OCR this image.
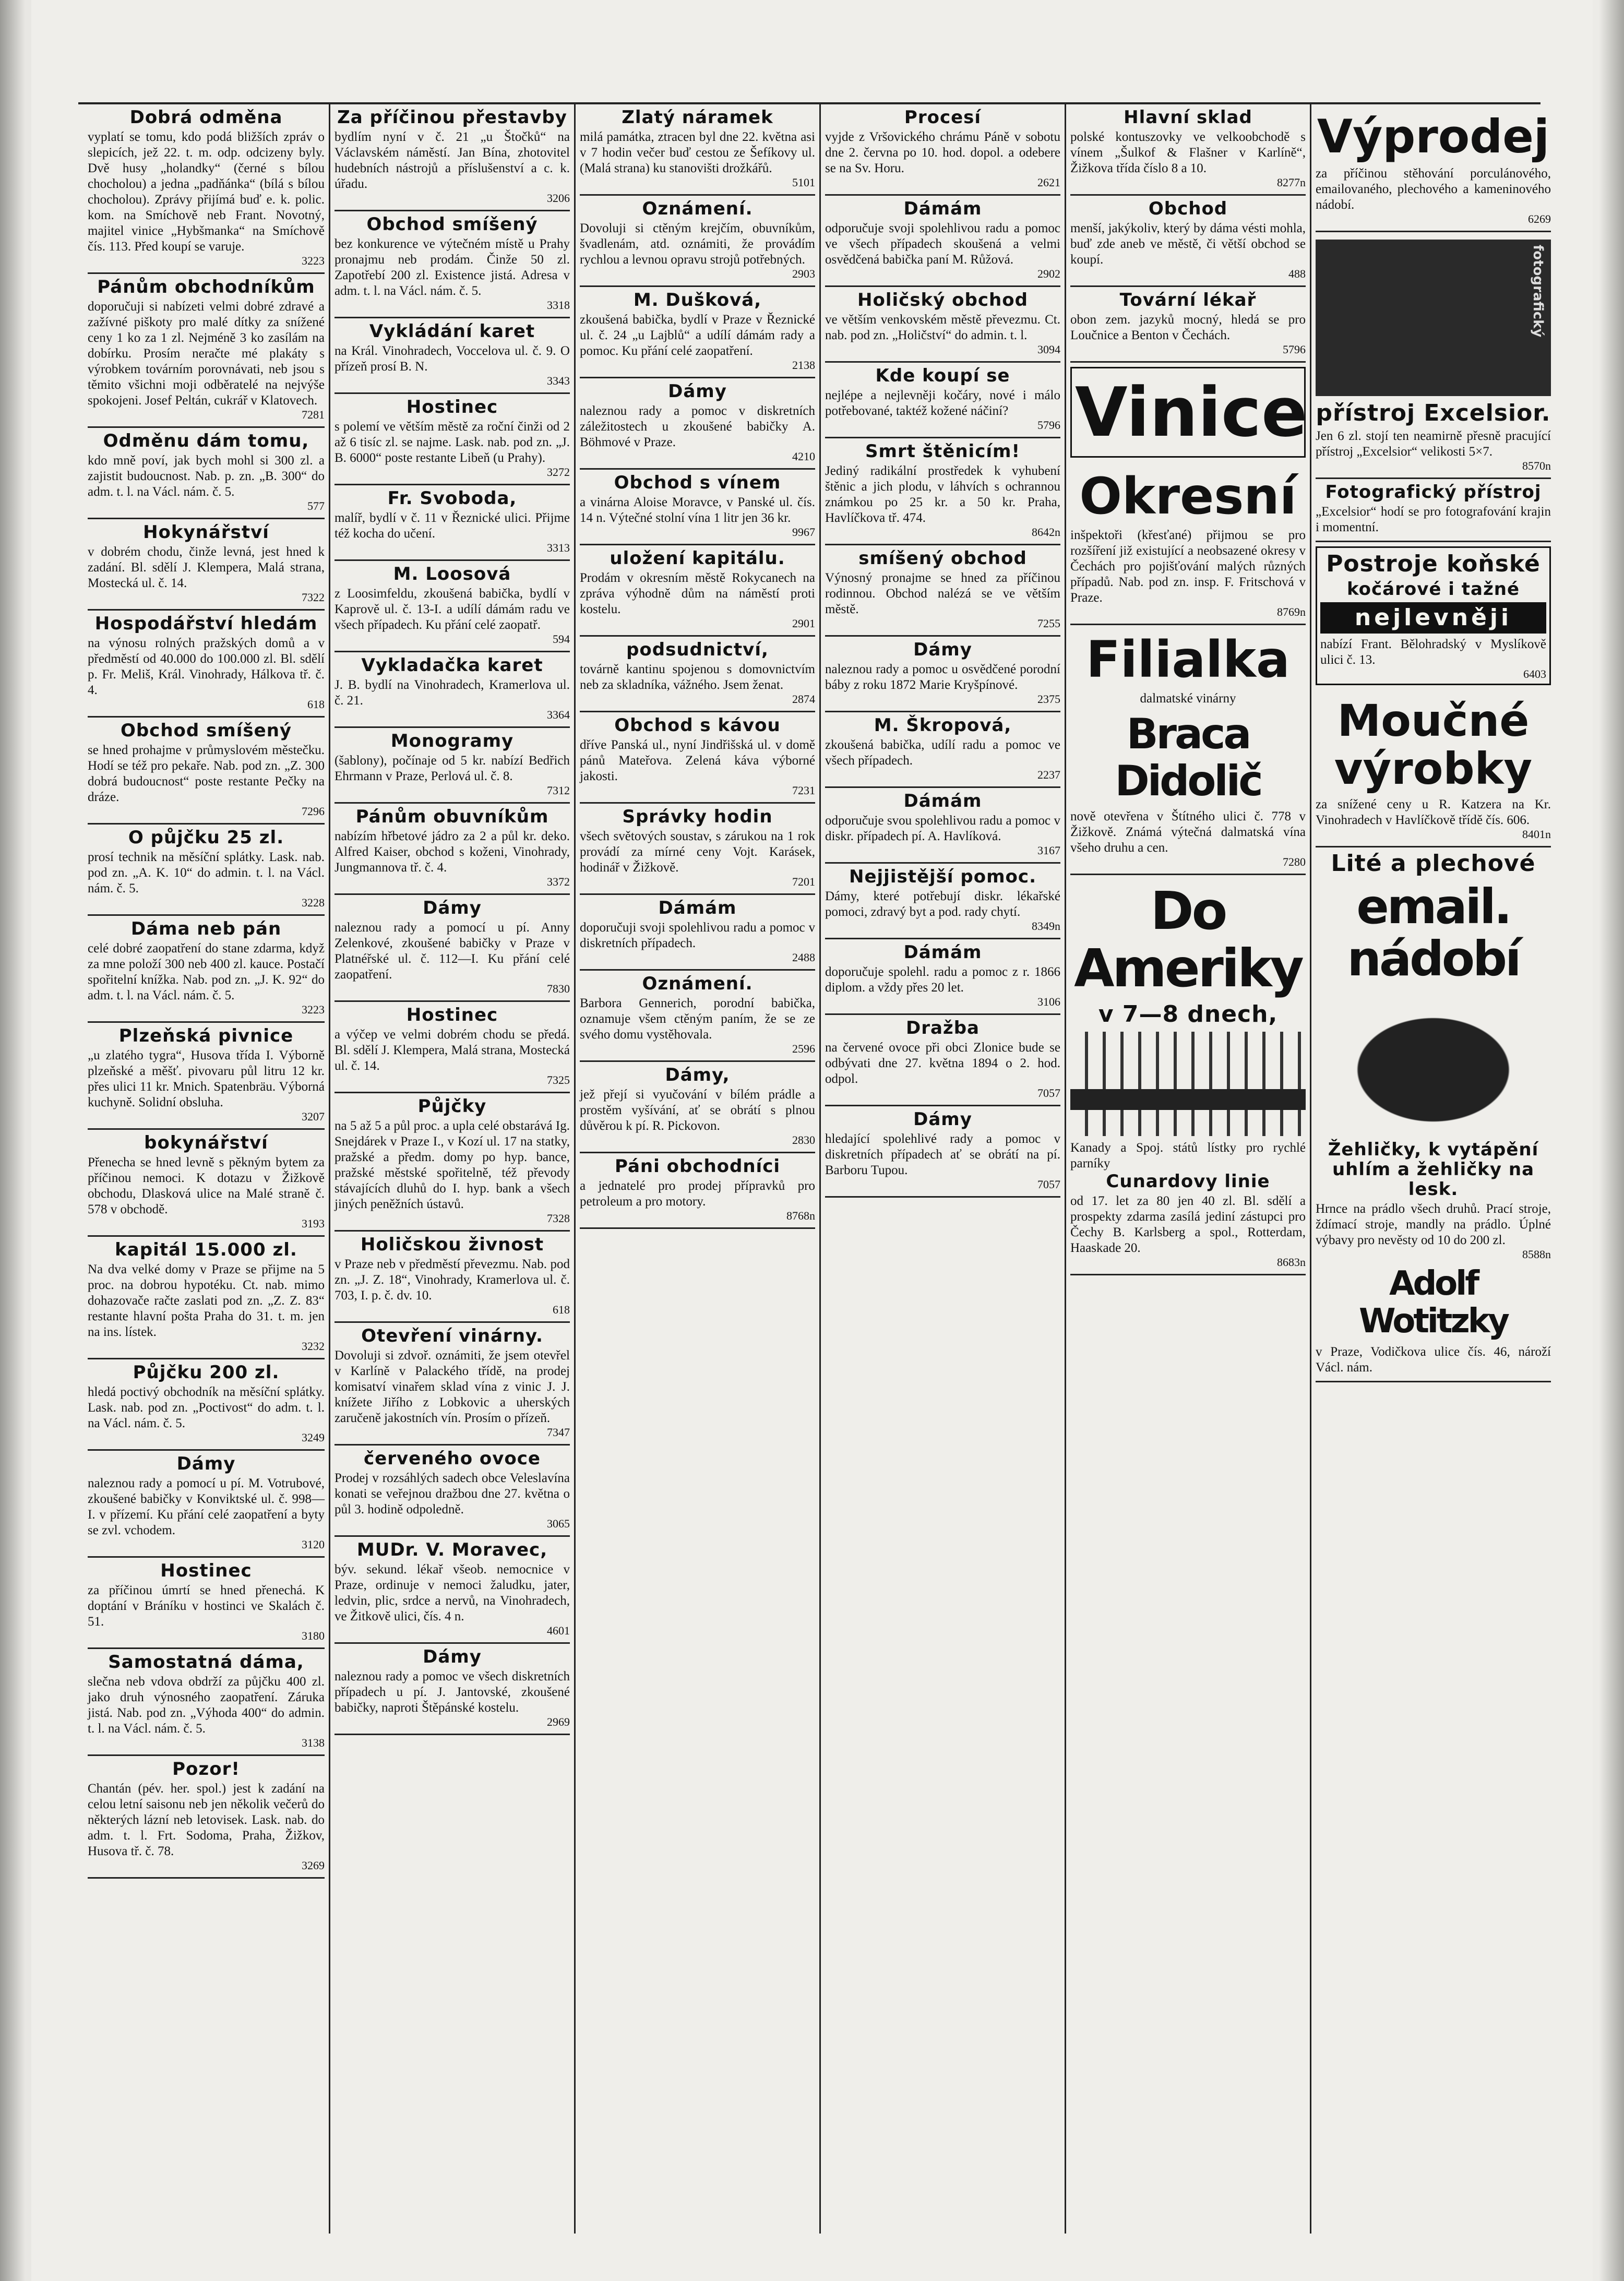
Dobrá odměna

vyplatí se tomu, kdo podá bližších zpráv o slepicích, jež 22. t. m. odp. odcizeny byly. Dvě husy „holandky“ (černé s bílou chocholou) a jedna „padňánka“ (bílá s bílou chocholou). Zprávy přijímá buď e. k. polic. kom. na Smíchově neb Frant. Novotný, majitel vinice „Hybšmanka“ na Smíchově čís. 113. Před koupí se varuje.

3223
Pánům obchodníkům

doporučuji si nabízeti velmi dobré zdravé a zažívné piškoty pro malé dítky za snížené ceny 1 ko za 1 zl. Nejméně 3 ko zasílám na dobírku. Prosím neračte mé plakáty s výrobkem továrním porovnávati, neb jsou s těmito všichni moji odběratelé na nejvýše spokojeni. Josef Peltán, cukrář v Klatovech.

7281
Odměnu dám tomu,

kdo mně poví, jak bych mohl si 300 zl. a zajistit budoucnost. Nab. p. zn. „B. 300“ do adm. t. l. na Václ. nám. č. 5.

577
Hokynářství

v dobrém chodu, činže levná, jest hned k zadání. Bl. sdělí J. Klempera, Malá strana, Mostecká ul. č. 14.

7322
Hospodářství hledám

na výnosu rolných pražských domů a v předměstí od 40.000 do 100.000 zl. Bl. sdělí p. Fr. Meliš, Král. Vinohrady, Hálkova tř. č. 4.

618
Obchod smíšený

se hned prohajme v průmyslovém městečku. Hodí se též pro pekaře. Nab. pod zn. „Z. 300 dobrá budoucnost“ poste restante Pečky na dráze.

7296
O půjčku 25 zl.

prosí technik na měsíční splátky. Lask. nab. pod zn. „A. K. 10“ do admin. t. l. na Václ. nám. č. 5.

3228
Dáma neb pán

celé dobré zaopatření do stane zdarma, když za mne položí 300 neb 400 zl. kauce. Postačí spořitelní knížka. Nab. pod zn. „J. K. 92“ do adm. t. l. na Václ. nám. č. 5.

3223
Plzeňská pivnice

„u zlatého tygra“, Husova třída I. Výborně plzeňské a měšť. pivovaru půl litru 12 kr. přes ulici 11 kr. Mnich. Spatenbräu. Výborná kuchyně. Solidní obsluha.

3207
bokynářství

Přenecha se hned levně s pěkným bytem za příčinou nemoci. K dotazu v Žižkově obchodu, Dlasková ulice na Malé straně č. 578 v obchodě.

3193
kapitál 15.000 zl.

Na dva velké domy v Praze se přijme na 5 proc. na dobrou hypotéku. Ct. nab. mimo dohazovače račte zaslati pod zn. „Z. Z. 83“ restante hlavní pošta Praha do 31. t. m. jen na ins. lístek.

3232
Půjčku 200 zl.

hledá poctivý obchodník na měsíční splátky. Lask. nab. pod zn. „Poctivost“ do adm. t. l. na Václ. nám. č. 5.

3249
Dámy

naleznou rady a pomocí u pí. M. Votrubové, zkoušené babičky v Konviktské ul. č. 998—I. v přízemí. Ku přání celé zaopatření a byty se zvl. vchodem.

3120
Hostinec

za příčinou úmrtí se hned přenechá. K doptání v Bráníku v hostinci ve Skalách č. 51.

3180
Samostatná dáma,

slečna neb vdova obdrží za půjčku 400 zl. jako druh výnosného zaopatření. Záruka jistá. Nab. pod zn. „Výhoda 400“ do admin. t. l. na Václ. nám. č. 5.

3138
Pozor!

Chantán (pév. her. spol.) jest k zadání na celou letní saisonu neb jen několik večerů do některých lázní neb letovisek. Lask. nab. do adm. t. l. Frt. Sodoma, Praha, Žižkov, Husova tř. č. 78.

3269
Za příčinou přestavby

bydlím nyní v č. 21 „u Štočků“ na Václavském náměstí. Jan Bína, zhotovitel hudebních nástrojů a příslušenství a c. k. úřadu.

3206
Obchod smíšený

bez konkurence ve výtečném místě u Prahy pronajmu neb prodám. Činže 50 zl. Zapotřebí 200 zl. Existence jistá. Adresa v adm. t. l. na Václ. nám. č. 5.

3318
Vykládání karet

na Král. Vinohradech, Voccelova ul. č. 9. O přízeň prosí B. N.

3343
Hostinec

s polemí ve větším městě za roční činži od 2 až 6 tisíc zl. se najme. Lask. nab. pod zn. „J. B. 6000“ poste restante Libeň (u Prahy).

3272
Fr. Svoboda,

malíř, bydlí v č. 11 v Řeznické ulici. Přijme též kocha do učení.

3313
M. Loosová

z Loosimfeldu, zkoušená babička, bydlí v Kaprově ul. č. 13-I. a udílí dámám radu ve všech případech. Ku přání celé zaopatř.

594
Vykladačka karet

J. B. bydlí na Vinohradech, Kramerlova ul. č. 21.

3364
Monogramy

(šablony), počínaje od 5 kr. nabízí Bedřich Ehrmann v Praze, Perlová ul. č. 8.

7312
Pánům obuvníkům

nabízím hřbetové jádro za 2 a půl kr. deko. Alfred Kaiser, obchod s koženi, Vinohrady, Jungmannova tř. č. 4.

3372
Dámy

naleznou rady a pomocí u pí. Anny Zelenkové, zkoušené babičky v Praze v Platnéřské ul. č. 112—I. Ku přání celé zaopatření.

7830
Hostinec

a výčep ve velmi dobrém chodu se předá. Bl. sdělí J. Klempera, Malá strana, Mostecká ul. č. 14.

7325
Půjčky

na 5 až 5 a půl proc. a upla celé obstarává Ig. Snejdárek v Praze I., v Kozí ul. 17 na statky, pražské a předm. domy po hyp. bance, pražské městské spořitelně, též převody stávajících dluhů do I. hyp. bank a všech jiných peněžních ústavů.

7328
Holičskou živnost

v Praze neb v předměstí převezmu. Nab. pod zn. „J. Z. 18“, Vinohrady, Kramerlova ul. č. 703, I. p. č. dv. 10.

618
Otevření vinárny.

Dovoluji si zdvoř. oznámiti, že jsem otevřel v Karlíně v Palackého třídě, na prodej komisatví vinařem sklad vína z vinic J. J. knížete Jiřího z Lobkovic a uherských zaručeně jakostních vín. Prosím o přízeň.

7347
červeného ovoce

Prodej v rozsáhlých sadech obce Veleslavína konati se veřejnou dražbou dne 27. května o půl 3. hodině odpoledně.

3065
MUDr. V. Moravec,

býv. sekund. lékař všeob. nemocnice v Praze, ordinuje v nemoci žaludku, jater, ledvin, plic, srdce a nervů, na Vinohradech, ve Žitkově ulici, čís. 4 n.

4601
Dámy

naleznou rady a pomoc ve všech diskretních případech u pí. J. Jantovské, zkoušené babičky, naproti Štěpánské kostelu.

2969
Zlatý náramek

milá památka, ztracen byl dne 22. května asi v 7 hodin večer buď cestou ze Šefíkovy ul. (Malá strana) ku stanovišti drožkářů.

5101
Oznámení.

Dovoluji si ctěným krejčím, obuvníkům, švadlenám, atd. oznámiti, že provádím rychlou a levnou opravu strojů potřebných.

2903
M. Dušková,

zkoušená babička, bydlí v Praze v Řeznické ul. č. 24 „u Lajblů“ a udílí dámám rady a pomoc. Ku přání celé zaopatření.

2138
Dámy

naleznou rady a pomoc v diskretních záležitostech u zkoušené babičky A. Böhmové v Praze.

4210
Obchod s vínem

a vinárna Aloise Moravce, v Panské ul. čís. 14 n. Výtečné stolní vína 1 litr jen 36 kr.

9967
uložení kapitálu.

Prodám v okresním městě Rokycanech na zpráva výhodně dům na náměstí proti kostelu.

2901
podsudnictví,

továrně kantinu spojenou s domovnictvím neb za skladníka, vážného. Jsem ženat.

2874
Obchod s kávou

dříve Panská ul., nyní Jindřišská ul. v domě pánů Mateřova. Zelená káva výborné jakosti.

7231
Správky hodin

všech světových soustav, s zárukou na 1 rok provádí za mírné ceny Vojt. Karásek, hodinář v Žižkově.

7201
Dámám

doporučuji svoji spolehlivou radu a pomoc v diskretních případech.

2488
Oznámení.

Barbora Gennerich, porodní babička, oznamuje všem ctěným paním, že se ze svého domu vystěhovala.

2596
Dámy,

jež přejí si vyučování v bílém prádle a prostěm vyšívání, ať se obrátí s plnou důvěrou k pí. R. Pickovon.

2830
Páni obchodníci

a jednatelé pro prodej přípravků pro petroleum a pro motory.

8768n
Procesí

vyjde z Vršovického chrámu Páně v sobotu dne 2. června po 10. hod. dopol. a odebere se na Sv. Horu.

2621
Dámám

odporučuje svoji spolehlivou radu a pomoc ve všech případech skoušená a velmi osvědčená babička paní M. Růžová.

2902
Holičský obchod

ve větším venkovském městě převezmu. Ct. nab. pod zn. „Holičství“ do admin. t. l.

3094
Kde koupí se

nejlépe a nejlevněji kočáry, nové i málo potřebované, taktéž kožené náčiní?

5796
Smrt štěnicím!

Jediný radikální prostředek k vyhubení štěnic a jich plodu, v láhvích s ochrannou známkou po 25 kr. a 50 kr. Praha, Havlíčkova tř. 474.

8642n
smíšený obchod

Výnosný pronajme se hned za příčinou rodinnou. Obchod nalézá se ve větším městě.

7255
Dámy

naleznou rady a pomoc u osvědčené porodní báby z roku 1872 Marie Kryšpínové.

2375
M. Škropová,

zkoušená babička, udílí radu a pomoc ve všech případech.

2237
Dámám

odporučuje svou spolehlivou radu a pomoc v diskr. případech pí. A. Havlíková.

3167
Nejjistější pomoc.

Dámy, které potřebují diskr. lékařské pomoci, zdravý byt a pod. rady chytí.

8349n
Dámám

doporučuje spolehl. radu a pomoc z r. 1866 diplom. a vždy přes 20 let.

3106
Dražba

na červené ovoce při obci Zlonice bude se odbývati dne 27. května 1894 o 2. hod. odpol.

7057
Dámy

hledající spolehlivé rady a pomoc v diskretních případech ať se obrátí na pí. Barboru Tupou.

7057
Hlavní sklad

polské kontuszovky ve velkoobchodě s vínem „Šulkof & Flašner v Karlíně“, Žižkova třída číslo 8 a 10.

8277n
Obchod

menší, jakýkoliv, který by dáma vésti mohla, buď zde aneb ve městě, či větší obchod se koupí.

488
Tovární lékař

obon zem. jazyků mocný, hledá se pro Loučnice a Benton v Čechách.

5796
Vinice
Okresní

inšpektoři (křesťané) přijmou se pro rozšíření již existující a neobsazené okresy v Čechách pro pojišťování malých různých případů. Nab. pod zn. insp. F. Fritschová v Praze.

8769n
Filialka

dalmatské vinárny

Braca Didolič

nově otevřena v Štítného ulici č. 778 v Žižkově. Známá výtečná dalmatská vína všeho druhu a cen.

7280
Do Ameriky
v 7—8 dnech,

Kanady a Spoj. států lístky pro rychlé parníky

Cunardovy linie

od 17. let za 80 jen 40 zl. Bl. sdělí a prospekty zdarma zasílá jediní zástupci pro Čechy B. Karlsberg a spol., Rotterdam, Haaskade 20.

8683n
Výprodej

za příčinou stěhování porculánového, emailovaného, plechového a kameninového nádobí.

6269
fotografický
přístroj Excelsior.

Jen 6 zl. stojí ten neamirně přesně pracující přístroj „Excelsior“ velikosti 5×7.

8570n
Fotografický přístroj

„Excelsior“ hodí se pro fotografování krajin i momentní.

Postroje koňské
kočárové i tažné
nejlevněji

nabízí Frant. Bělohradský v Myslíkově ulici č. 13.

6403
Moučné výrobky

za snížené ceny u R. Katzera na Kr. Vinohradech v Havlíčkově třídě čís. 606.

8401n
Lité a plechové
email. nádobí
Žehličky, k vytápění uhlím a žehličky na lesk.

Hrnce na prádlo všech druhů. Prací stroje, ždímací stroje, mandly na prádlo. Úplné výbavy pro nevěsty od 10 do 200 zl.

8588n
Adolf Wotitzky

v Praze, Vodičkova ulice čís. 46, nároží Václ. nám.
